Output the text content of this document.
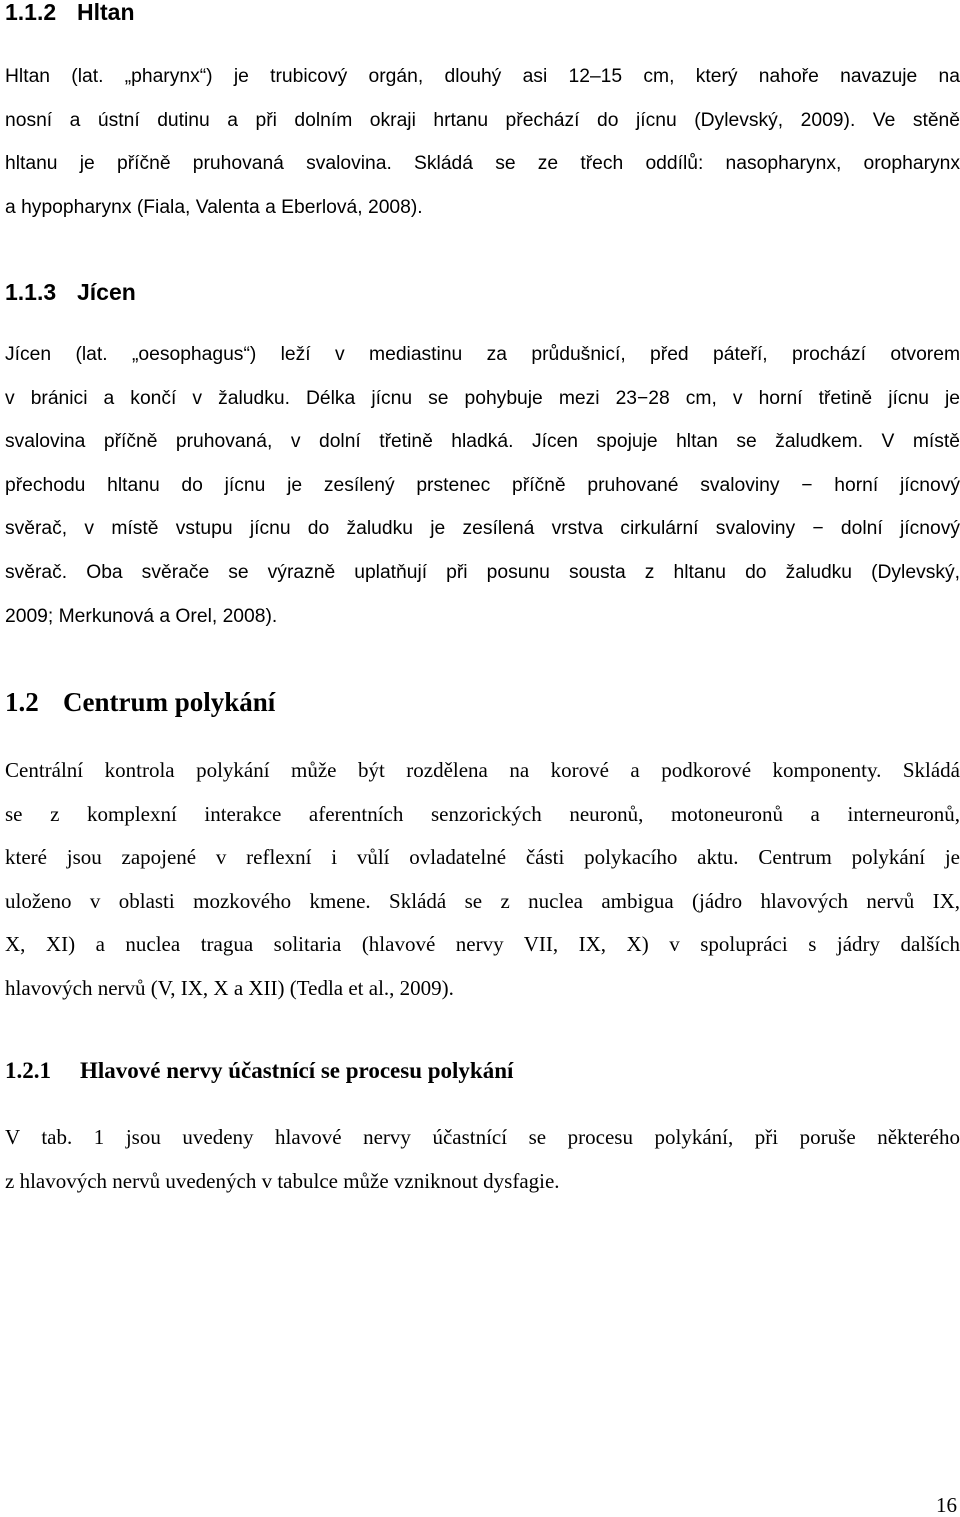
1.1.2 Hltan
Hltan (lat. „pharynx“) je trubicový orgán, dlouhý asi 12–15 cm, který nahoře navazuje na
nosní a ústní dutinu a při dolním okraji hrtanu přechází do jícnu (Dylevský, 2009). Ve stěně
hltanu je příčně pruhovaná svalovina. Skládá se ze třech oddílů: nasopharynx, oropharynx
a hypopharynx (Fiala, Valenta a Eberlová, 2008).
1.1.3 Jícen
Jícen (lat. „oesophagus“) leží v mediastinu za průdušnicí, před páteří, prochází otvorem
v bránici a končí v žaludku. Délka jícnu se pohybuje mezi 23−28 cm, v horní třetině jícnu je
svalovina příčně pruhovaná, v dolní třetině hladká. Jícen spojuje hltan se žaludkem. V místě
přechodu hltanu do jícnu je zesílený prstenec příčně pruhované svaloviny − horní jícnový
svěrač, v místě vstupu jícnu do žaludku je zesílená vrstva cirkulární svaloviny − dolní jícnový
svěrač. Oba svěrače se výrazně uplatňují při posunu sousta z hltanu do žaludku (Dylevský,
2009; Merkunová a Orel, 2008).
1.2 Centrum polykání
Centrální kontrola polykání může být rozdělena na korové a podkorové komponenty. Skládá
se z komplexní interakce aferentních senzorických neuronů, motoneuronů a interneuronů,
které jsou zapojené v reflexní i vůlí ovladatelné části polykacího aktu. Centrum polykání je
uloženo v oblasti mozkového kmene. Skládá se z nuclea ambigua (jádro hlavových nervů IX,
X, XI) a nuclea tragua solitaria (hlavové nervy VII, IX, X) v spolupráci s jádry dalších
hlavových nervů (V, IX, X a XII) (Tedla et al., 2009).
1.2.1 Hlavové nervy účastnící se procesu polykání
V tab. 1 jsou uvedeny hlavové nervy účastnící se procesu polykání, při poruše některého
z hlavových nervů uvedených v tabulce může vzniknout dysfagie.
16
